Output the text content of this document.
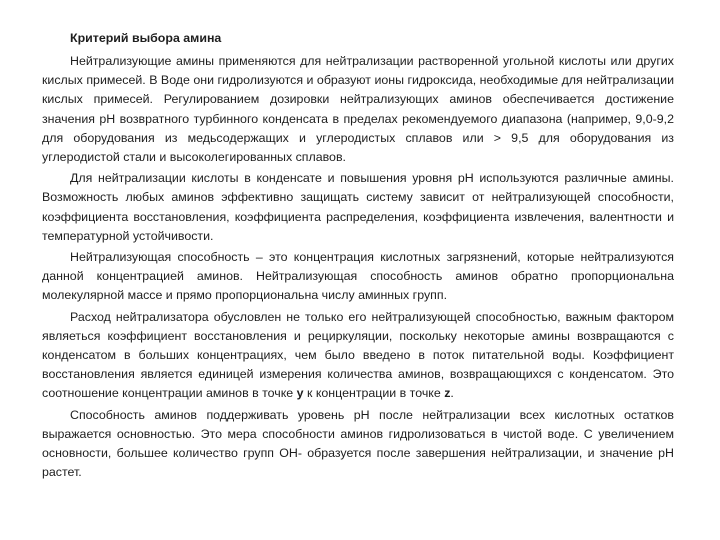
Критерий выбора амина

Нейтрализующие амины применяются для нейтрализации растворенной угольной кислоты или других кислых примесей. В Воде они гидролизуются и образуют ионы гидроксида, необходимые для нейтрализации кислых примесей. Регулированием дозировки нейтрализующих аминов обеспечивается достижение значения pH возвратного турбинного конденсата в пределах рекомендуемого диапазона (например, 9,0-9,2 для оборудования из медьсодержащих и углеродистых сплавов или > 9,5 для оборудования из углеродистой стали и высоколегированных сплавов.

Для нейтрализации кислоты в конденсате и повышения уровня pH используются различные амины. Возможность любых аминов эффективно защищать систему зависит от нейтрализующей способности, коэффициента восстановления, коэффициента распределения, коэффициента извлечения, валентности и температурной устойчивости.

Нейтрализующая способность – это концентрация кислотных загрязнений, которые нейтрализуются данной концентрацией аминов. Нейтрализующая способность аминов обратно пропорциональна молекулярной массе и прямо пропорциональна числу аминных групп.

Расход нейтрализатора обусловлен не только его нейтрализующей способностью, важным фактором являеться коэффициент восстановления и рециркуляции, поскольку некоторые амины возвращаются с конденсатом в больших концентрациях, чем было введено в поток питательной воды. Коэффициент восстановления является единицей измерения количества аминов, возвращающихся с конденсатом. Это соотношение концентрации аминов в точке y к концентрации в точке z.

Способность аминов поддерживать уровень pH после нейтрализации всех кислотных остатков выражается основностью. Это мера способности аминов гидролизоваться в чистой воде. С увеличением основности, большее количество групп ОН- образуется после завершения нейтрализации, и значение pH растет.
